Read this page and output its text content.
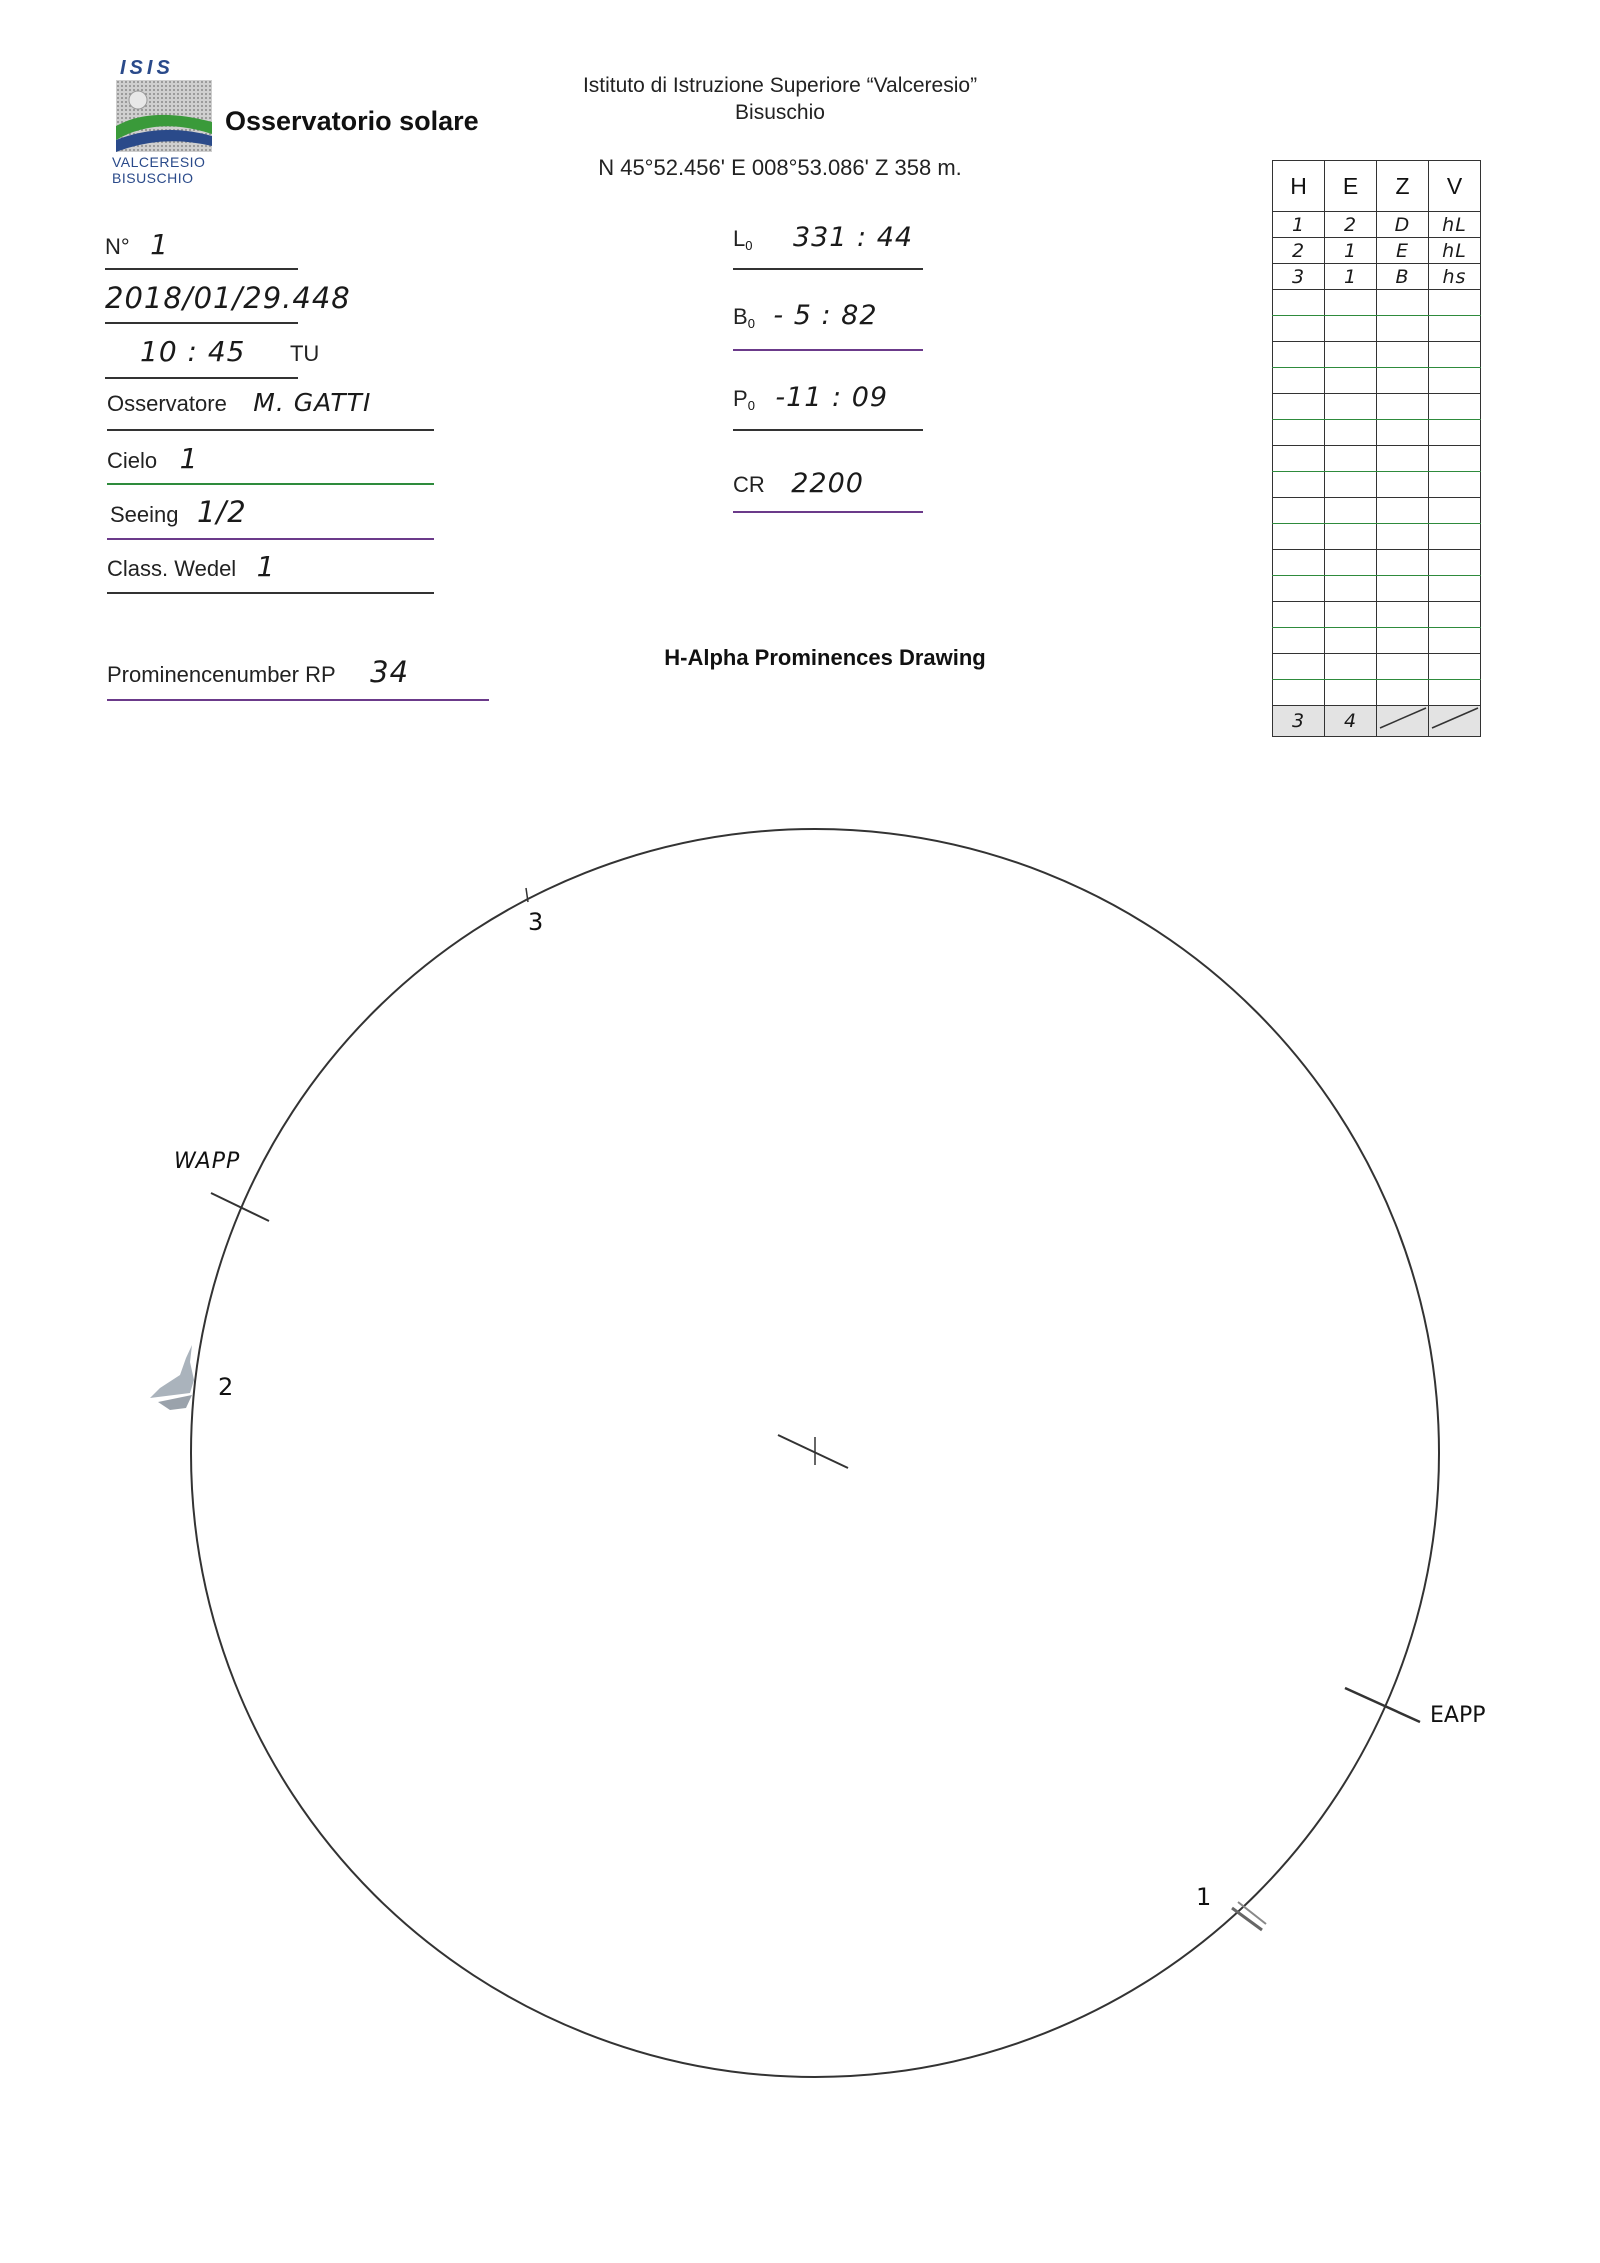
ISIS
Osservatorio solare
VALCERESIO
BISUSCHIO
Istituto di Istruzione Superiore “Valceresio”
Bisuschio
N 45°52.456' E 008°53.086' Z 358 m.
N° 1
2018/01/29.448
10 : 45 TU
Osservatore M. GATTI
Cielo 1
Seeing 1/2
Class. Wedel 1
Prominencenumber RP 34
$L_0$ 331 : 44
$B_0 - 5$ : 82
$P_0$ -11 : 09
CR 2200
H-Alpha Prominences Drawing
H	E	Z	V
1	2	D	hL
2	1	E	hL
3	1	B	hs

3	4		
WAPP
EAPP
1
2
3
